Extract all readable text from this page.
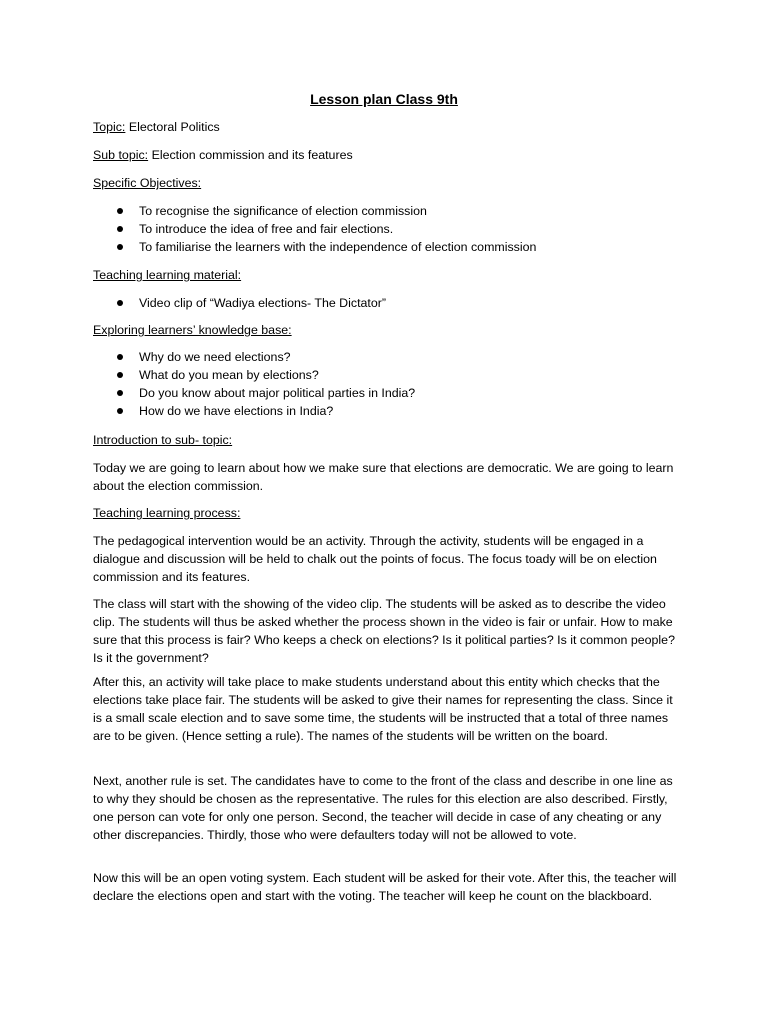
Lesson plan Class 9th

Topic: Electoral Politics

Sub topic: Election commission and its features

Specific Objectives:

To recognise the significance of election commission
To introduce the idea of free and fair elections.
To familiarise the learners with the independence of election commission

Teaching learning material:

Video clip of “Wadiya elections- The Dictator”

Exploring learners’ knowledge base:

Why do we need elections?
What do you mean by elections?
Do you know about major political parties in India?
How do we have elections in India?

Introduction to sub- topic:

Today we are going to learn about how we make sure that elections are democratic. We are going to learn about the election commission.

Teaching learning process:

The pedagogical intervention would be an activity. Through the activity, students will be engaged in a dialogue and discussion will be held to chalk out the points of focus. The focus toady will be on election commission and its features.

The class will start with the showing of the video clip. The students will be asked as to describe the video clip. The students will thus be asked whether the process shown in the video is fair or unfair. How to make sure that this process is fair? Who keeps a check on elections? Is it political parties? Is it common people? Is it the government?

After this, an activity will take place to make students understand about this entity which checks that the elections take place fair. The students will be asked to give their names for representing the class. Since it is a small scale election and to save some time, the students will be instructed that a total of three names are to be given. (Hence setting a rule). The names of the students will be written on the board.

Next, another rule is set. The candidates have to come to the front of the class and describe in one line as to why they should be chosen as the representative. The rules for this election are also described. Firstly, one person can vote for only one person. Second, the teacher will decide in case of any cheating or any other discrepancies. Thirdly, those who were defaulters today will not be allowed to vote.

Now this will be an open voting system. Each student will be asked for their vote. After this, the teacher will declare the elections open and start with the voting. The teacher will keep he count on the blackboard.
